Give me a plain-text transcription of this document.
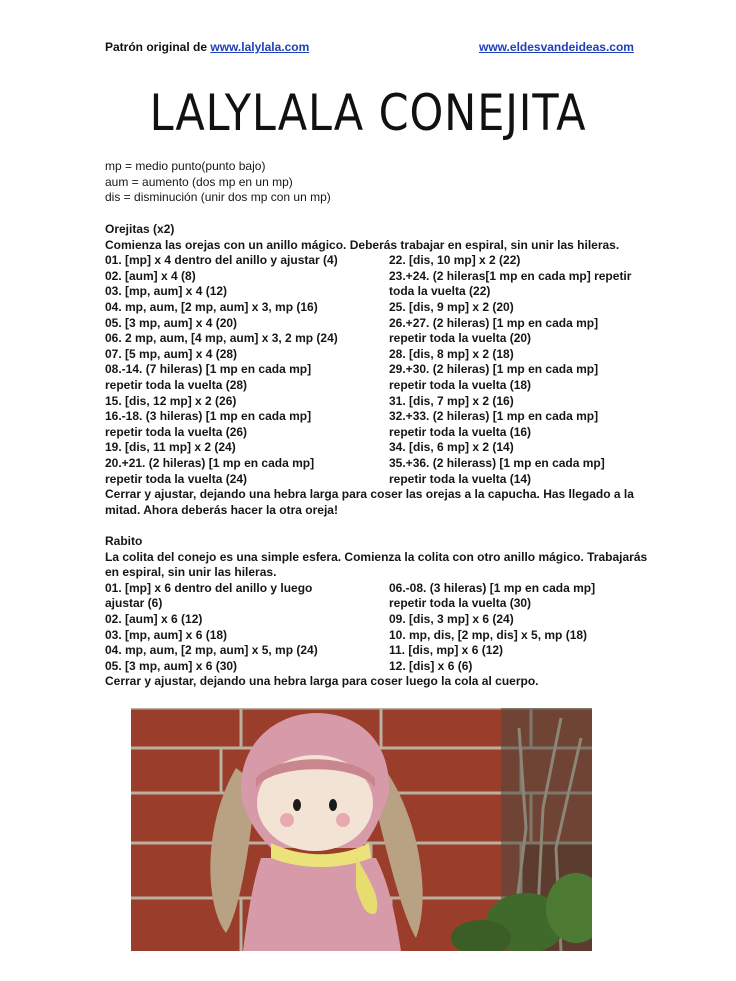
Patrón original de www.lalylala.com	www.eldesvandeideas.com
LALYLALA CONEJITA
mp = medio punto(punto bajo)
aum = aumento (dos mp en un mp)
dis = disminución (unir dos mp con un mp)
Orejitas (x2)
Comienza las orejas con un anillo mágico. Deberás trabajar en espiral, sin unir las hileras.
01. [mp] x 4 dentro del anillo y ajustar (4)
02. [aum] x 4 (8)
03. [mp, aum] x 4 (12)
04. mp, aum, [2 mp, aum] x 3, mp (16)
05. [3 mp, aum] x 4 (20)
06. 2 mp, aum, [4 mp, aum] x 3, 2 mp (24)
07. [5 mp, aum] x 4 (28)
08.-14. (7 hileras) [1 mp en cada mp]
repetir toda la vuelta (28)
15. [dis, 12 mp] x 2 (26)
16.-18. (3 hileras) [1 mp en cada mp]
repetir toda la vuelta (26)
19. [dis, 11 mp] x 2 (24)
20.+21. (2 hileras) [1 mp en cada mp]
repetir toda la vuelta (24)
22. [dis, 10 mp] x 2 (22)
23.+24. (2 hileras[1 mp en cada mp] repetir
toda la vuelta (22)
25. [dis, 9 mp] x 2 (20)
26.+27. (2 hileras) [1 mp en cada mp]
repetir toda la vuelta (20)
28. [dis, 8 mp] x 2 (18)
29.+30. (2 hileras) [1 mp en cada mp]
repetir toda la vuelta (18)
31. [dis, 7 mp] x 2 (16)
32.+33. (2 hileras) [1 mp en cada mp]
repetir toda la vuelta (16)
34. [dis, 6 mp] x 2 (14)
35.+36. (2 hilerass) [1 mp en cada mp]
repetir toda la vuelta (14)
Cerrar y ajustar, dejando una hebra larga para coser las orejas a la capucha. Has llegado a la
mitad. Ahora deberás hacer la otra oreja!
Rabito
La colita del conejo es una simple esfera. Comienza la colita con otro anillo mágico. Trabajarás
en espiral, sin unir las hileras.
01. [mp] x 6 dentro del anillo y luego
ajustar (6)
02. [aum] x 6 (12)
03. [mp, aum] x 6 (18)
04. mp, aum, [2 mp, aum] x 5, mp (24)
05. [3 mp, aum] x 6 (30)
06.-08. (3 hileras) [1 mp en cada mp]
repetir toda la vuelta (30)
09. [dis, 3 mp] x 6 (24)
10. mp, dis, [2 mp, dis] x 5, mp (18)
11. [dis, mp] x 6 (12)
12. [dis] x 6 (6)
Cerrar y ajustar, dejando una hebra larga para coser luego la cola al cuerpo.
